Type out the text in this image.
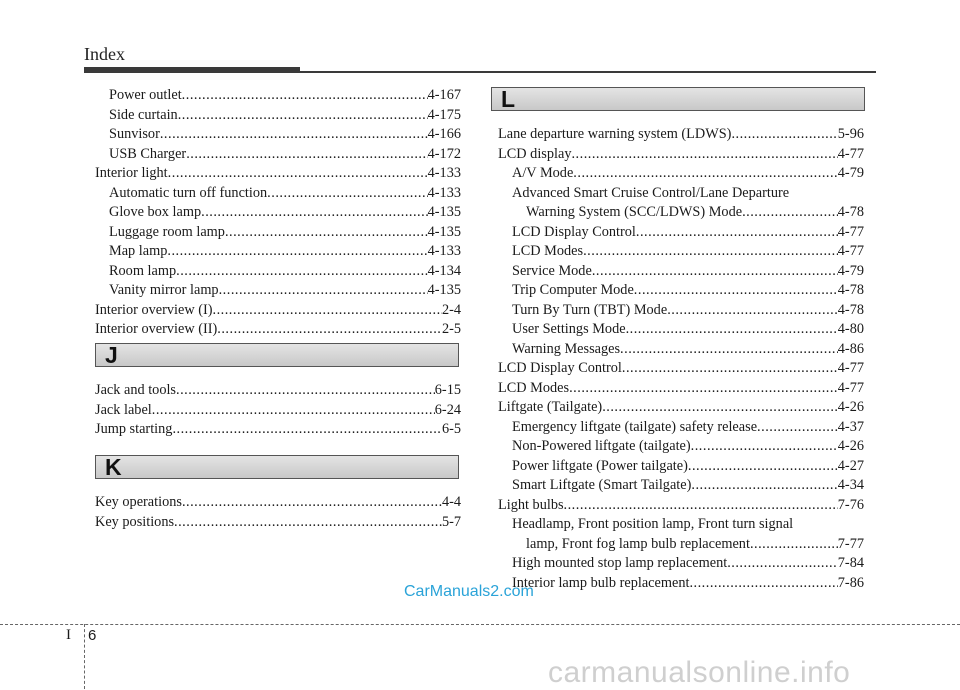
Index
Power outlet .....	4-167
Side curtain .....	4-175
Sunvisor .....	4-166
USB Charger .....	4-172
Interior light .....	4-133
Automatic turn off function .....	4-133
Glove box lamp .....	4-135
Luggage room lamp .....	4-135
Map lamp .....	4-133
Room lamp .....	4-134
Vanity mirror lamp .....	4-135
Interior overview (I) .....	2-4
Interior overview (II) .....	2-5
J
Jack and tools .....	6-15
Jack label .....	6-24
Jump starting .....	6-5
K
Key operations .....	4-4
Key positions .....	5-7
L
Lane departure warning system (LDWS) .....	5-96
LCD display .....	4-77
A/V Mode .....	4-79
Advanced Smart Cruise Control/Lane Departure
Warning System (SCC/LDWS) Mode .....	4-78
LCD Display Control .....	4-77
LCD Modes .....	4-77
Service Mode .....	4-79
Trip Computer Mode .....	4-78
Turn By Turn (TBT) Mode .....	4-78
User Settings Mode .....	4-80
Warning Messages .....	4-86
LCD Display Control .....	4-77
LCD Modes .....	4-77
Liftgate (Tailgate) .....	4-26
Emergency liftgate (tailgate) safety release .....	4-37
Non-Powered liftgate (tailgate) .....	4-26
Power liftgate (Power tailgate) .....	4-27
Smart Liftgate (Smart Tailgate) .....	4-34
Light bulbs .....	7-76
Headlamp, Front position lamp, Front turn signal
lamp, Front fog lamp bulb replacement .....	7-77
High mounted stop lamp replacement .....	7-84
Interior lamp bulb replacement .....	7-86
CarManuals2.com
I 6
carmanualsonline.info
